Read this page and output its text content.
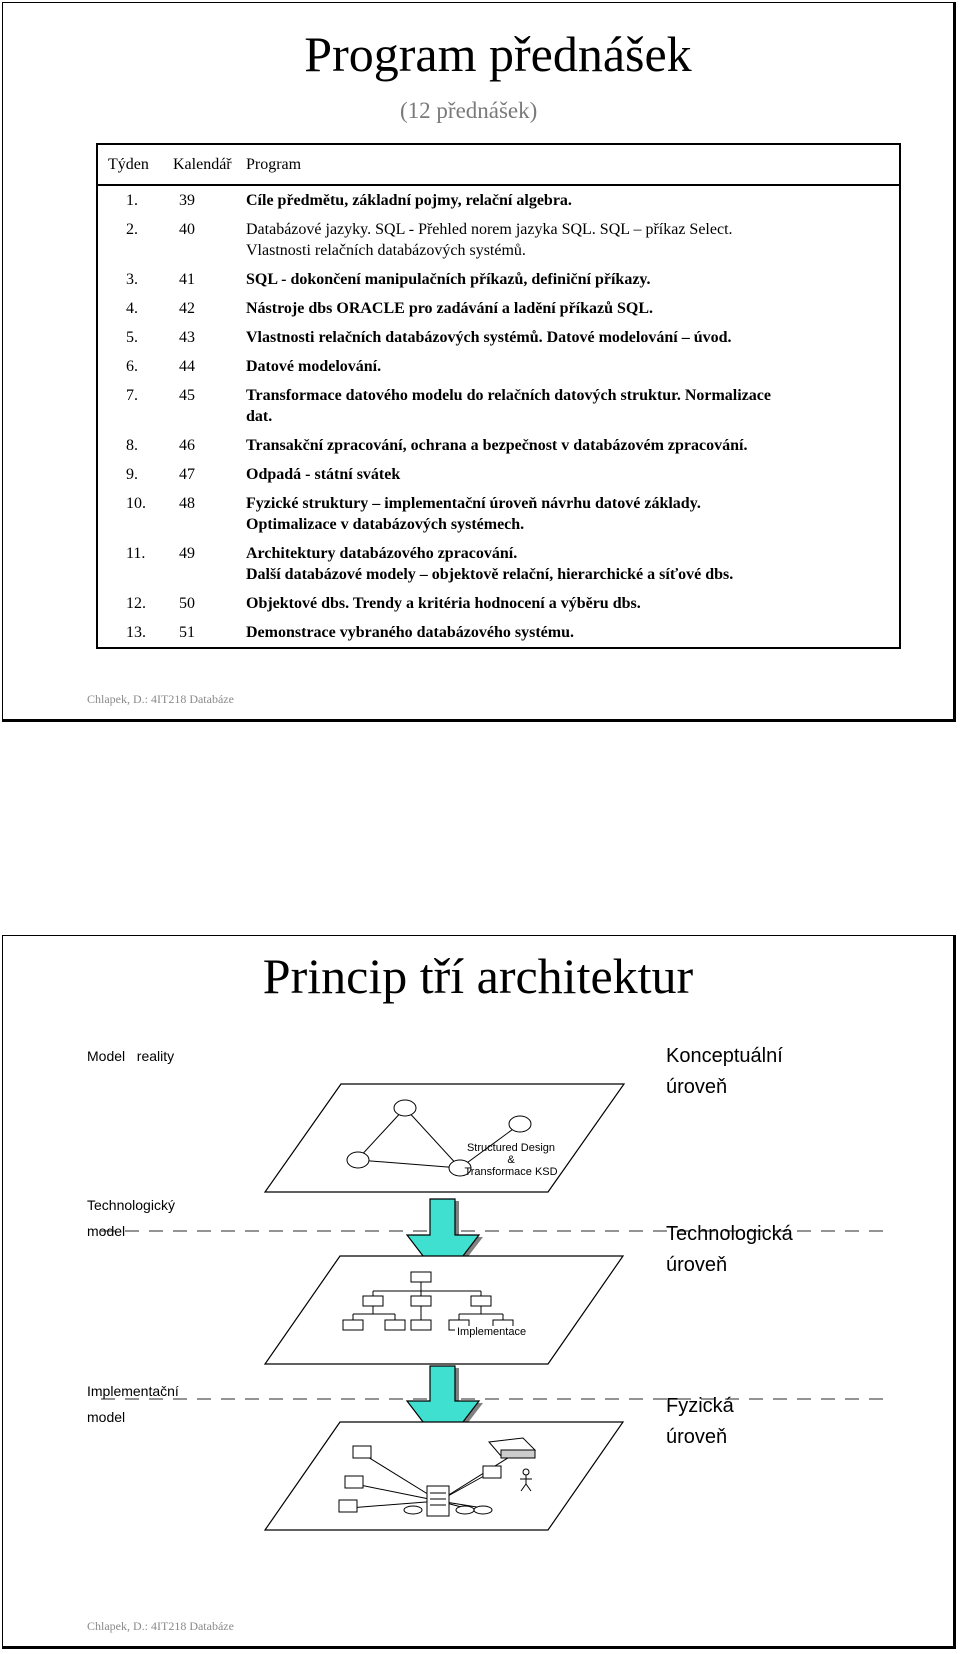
Program přednášek
(12 přednášek)
Týden	Kalendář	Program
1.	39	Cíle předmětu, základní pojmy, relační algebra.
2.	40	Databázové jazyky. SQL - Přehled norem jazyka SQL. SQL – příkaz Select.
Vlastnosti relačních databázových systémů.
3.	41	SQL - dokončení manipulačních příkazů, definiční příkazy.
4.	42	Nástroje dbs ORACLE pro zadávání a ladění příkazů SQL.
5.	43	Vlastnosti relačních databázových systémů. Datové modelování – úvod.
6.	44	Datové modelování.
7.	45	Transformace datového modelu do relačních datových struktur. Normalizace
dat.
8.	46	Transakční zpracování, ochrana a bezpečnost v databázovém zpracování.
9.	47	Odpadá - státní svátek
10.	48	Fyzické struktury – implementační úroveň návrhu datové základy.
Optimalizace v databázových systémech.
11.	49	Architektury databázového zpracování.
Další databázové modely – objektově relační, hierarchické a síťové dbs.
12.	50	Objektové dbs. Trendy a kritéria hodnocení a výběru dbs.
13.	51	Demonstrace vybraného databázového systému.
Chlapek, D.: 4IT218 Databáze
Princip tří architektur
Model   reality
Technologický
model
Implementační
model
Konceptuální
úroveň
Technologická
úroveň
Fyzická
úroveň
Structured Design
&
Transformace KSD
Implementace
Chlapek, D.: 4IT218 Databáze
